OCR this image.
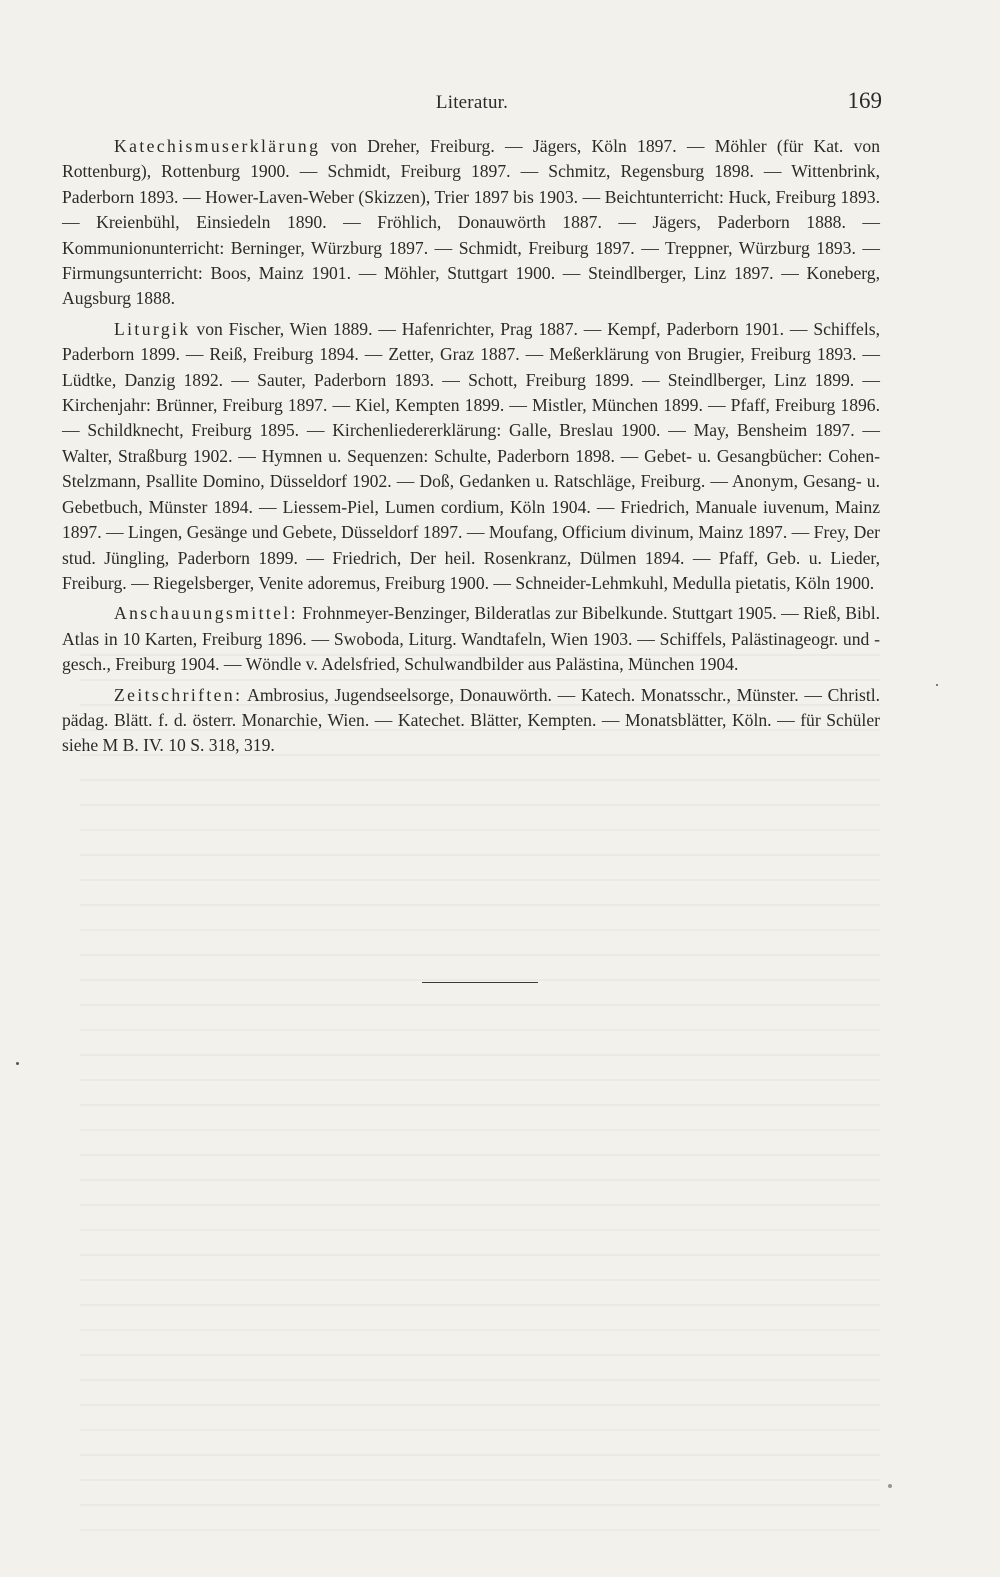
Literatur.	169

Katechismuserklärung von Dreher, Freiburg. — Jägers, Köln 1897. — Möhler (für Kat. von Rottenburg), Rottenburg 1900. — Schmidt, Freiburg 1897. — Schmitz, Regensburg 1898. — Wittenbrink, Paderborn 1893. — Hower-Laven-Weber (Skizzen), Trier 1897 bis 1903. — Beichtunterricht: Huck, Freiburg 1893. — Kreienbühl, Einsiedeln 1890. — Fröhlich, Donauwörth 1887. — Jägers, Paderborn 1888. — Kommunionunterricht: Berninger, Würzburg 1897. — Schmidt, Freiburg 1897. — Treppner, Würzburg 1893. — Firmungsunterricht: Boos, Mainz 1901. — Möhler, Stuttgart 1900. — Steindlberger, Linz 1897. — Koneberg, Augsburg 1888.

Liturgik von Fischer, Wien 1889. — Hafenrichter, Prag 1887. — Kempf, Paderborn 1901. — Schiffels, Paderborn 1899. — Reiß, Freiburg 1894. — Zetter, Graz 1887. — Meßerklärung von Brugier, Freiburg 1893. — Lüdtke, Danzig 1892. — Sauter, Paderborn 1893. — Schott, Freiburg 1899. — Steindlberger, Linz 1899. — Kirchenjahr: Brünner, Freiburg 1897. — Kiel, Kempten 1899. — Mistler, München 1899. — Pfaff, Freiburg 1896. — Schildknecht, Freiburg 1895. — Kirchenliedererklärung: Galle, Breslau 1900. — May, Bensheim 1897. — Walter, Straßburg 1902. — Hymnen u. Sequenzen: Schulte, Paderborn 1898. — Gebet- u. Gesangbücher: Cohen-Stelzmann, Psallite Domino, Düsseldorf 1902. — Doß, Gedanken u. Ratschläge, Freiburg. — Anonym, Gesang- u. Gebetbuch, Münster 1894. — Liessem-Piel, Lumen cordium, Köln 1904. — Friedrich, Manuale iuvenum, Mainz 1897. — Lingen, Gesänge und Gebete, Düsseldorf 1897. — Moufang, Officium divinum, Mainz 1897. — Frey, Der stud. Jüngling, Paderborn 1899. — Friedrich, Der heil. Rosenkranz, Dülmen 1894. — Pfaff, Geb. u. Lieder, Freiburg. — Riegelsberger, Venite adoremus, Freiburg 1900. — Schneider-Lehmkuhl, Medulla pietatis, Köln 1900.

Anschauungsmittel: Frohnmeyer-Benzinger, Bilderatlas zur Bibelkunde. Stuttgart 1905. — Rieß, Bibl. Atlas in 10 Karten, Freiburg 1896. — Swoboda, Liturg. Wandtafeln, Wien 1903. — Schiffels, Palästinageogr. und -gesch., Freiburg 1904. — Wöndle v. Adelsfried, Schulwandbilder aus Palästina, München 1904.

Zeitschriften: Ambrosius, Jugendseelsorge, Donauwörth. — Katech. Monatsschr., Münster. — Christl. pädag. Blätt. f. d. österr. Monarchie, Wien. — Katechet. Blätter, Kempten. — Monatsblätter, Köln. — für Schüler siehe M B. IV. 10 S. 318, 319.
